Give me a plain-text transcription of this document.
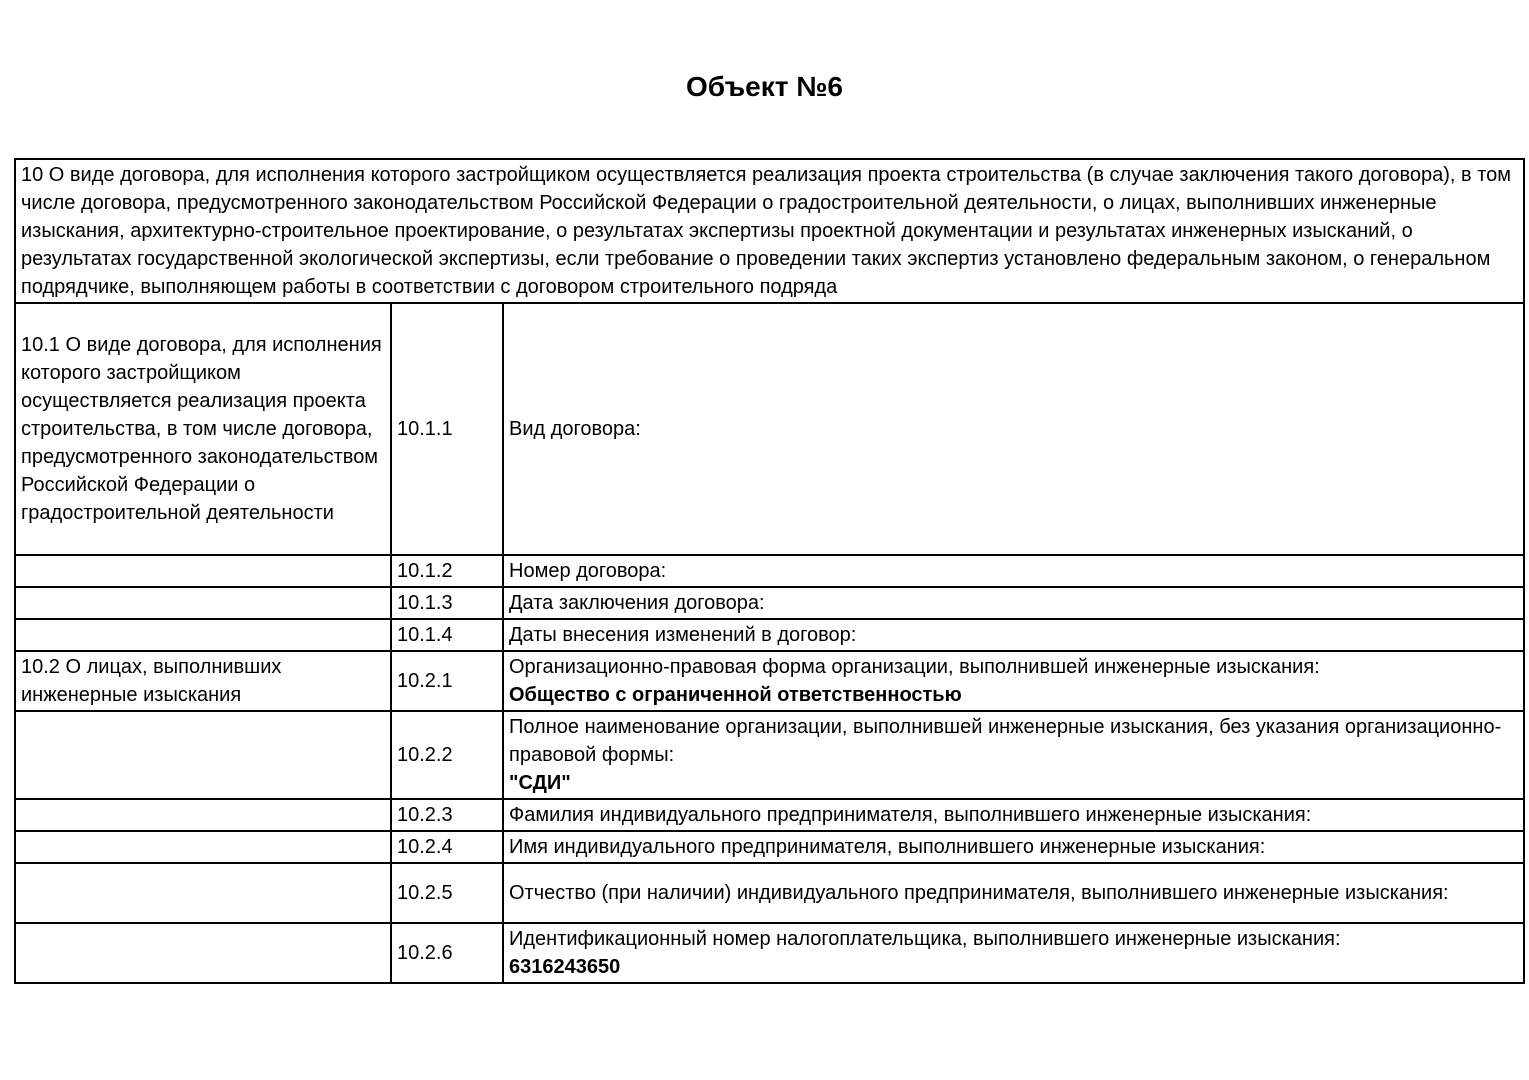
Объект №6
10 О виде договора, для исполнения которого застройщиком осуществляется реализация проекта строительства (в случае заключения такого договора), в том числе договора, предусмотренного законодательством Российской Федерации о градостроительной деятельности, о лицах, выполнивших инженерные изыскания, архитектурно-строительное проектирование, о результатах экспертизы проектной документации и результатах инженерных изысканий, о результатах государственной экологической экспертизы, если требование о проведении таких экспертиз установлено федеральным законом, о генеральном подрядчике, выполняющем работы в соответствии с договором строительного подряда		
10.1 О виде договора, для исполнения которого застройщиком осуществляется реализация проекта строительства, в том числе договора, предусмотренного законодательством Российской Федерации о градостроительной деятельности	10.1.1	Вид договора:

	10.1.2	Номер договора:

	10.1.3	Дата заключения договора:

	10.1.4	Даты внесения изменений в договор:

10.2 О лицах, выполнивших инженерные изыскания	10.2.1	Организационно-правовая форма организации, выполнившей инженерные изыскания:
Общество с ограниченной ответственностью

	10.2.2	Полное наименование организации, выполнившей инженерные изыскания, без указания организационно-правовой формы:
"СДИ"

	10.2.3	Фамилия индивидуального предпринимателя, выполнившего инженерные изыскания:

	10.2.4	Имя индивидуального предпринимателя, выполнившего инженерные изыскания:

	10.2.5	Отчество (при наличии) индивидуального предпринимателя, выполнившего инженерные изыскания:

	10.2.6	Идентификационный номер налогоплательщика, выполнившего инженерные изыскания:
6316243650
